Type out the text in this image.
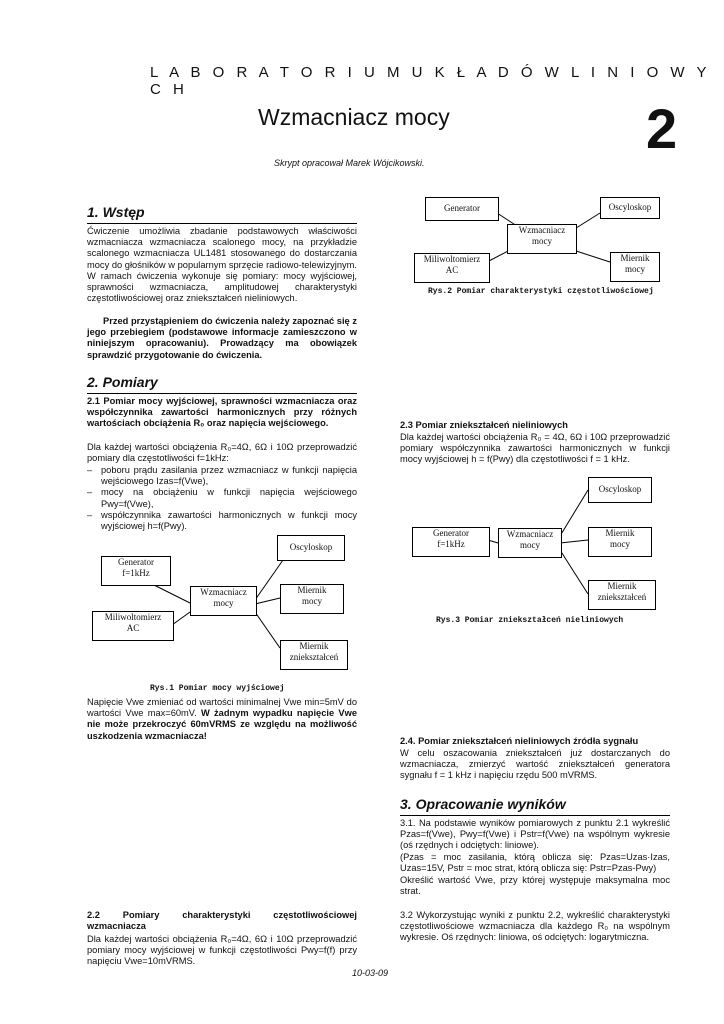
L A B O R A T O R I U M U K Ł A D Ó W L I N I O W Y C H
Wzmacniacz mocy	2
Skrypt opracował Marek Wójcikowski.
1. Wstęp
Ćwiczenie umożliwia zbadanie podstawowych właściwości wzmacniacza wzmacniacza scalonego mocy, na przykładzie scalonego wzmacniacza UL1481 stosowanego do dostarczania mocy do głośników w popularnym sprzęcie radiowo-telewizyjnym. W ramach ćwiczenia wykonuje się pomiary: mocy wyjściowej, sprawności wzmacniacza, amplitudowej charakterystyki częstotliwościowej oraz zniekształceń nieliniowych.
Przed przystąpieniem do ćwiczenia należy zapoznać się z jego przebiegiem (podstawowe informacje zamieszczono w niniejszym opracowaniu). Prowadzący ma obowiązek sprawdzić przygotowanie do ćwiczenia.
2. Pomiary
2.1 Pomiar mocy wyjściowej, sprawności wzmacniacza oraz współczynnika zawartości harmonicznych przy różnych wartościach obciążenia R₀ oraz napięcia wejściowego.
Dla każdej wartości obciążenia R₀=4Ω, 6Ω i 10Ω przeprowadzić pomiary dla częstotliwości f=1kHz:
– poboru prądu zasilania przez wzmacniacz w funkcji napięcia wejściowego Izas=f(Vwe),
– mocy na obciążeniu w funkcji napięcia wejściowego Pwy=f(Vwe),
– współczynnika zawartości harmonicznych w funkcji mocy wyjściowej h=f(Pwy).
Generator
f=1kHz
Miliwoltomierz
AC
Wzmacniacz
mocy
Oscyloskop
Miernik
mocy
Miernik
zniekształceń
Rys.1 Pomiar mocy wyjściowej
Napięcie Vwe zmieniać od wartości minimalnej Vwe min=5mV do wartości Vwe max=60mV. W żadnym wypadku napięcie Vwe nie może przekroczyć 60mVRMS ze względu na możliwość uszkodzenia wzmacniacza!
2.2 Pomiary charakterystyki częstotliwościowej wzmacniacza
Dla każdej wartości obciążenia R₀=4Ω, 6Ω i 10Ω przeprowadzić pomiary mocy wyjściowej w funkcji częstotliwości Pwy=f(f) przy napięciu Vwe=10mVRMS.
Generator
Wzmacniacz
mocy
Oscyloskop
Miliwoltomierz
AC
Miernik
mocy
Rys.2 Pomiar charakterystyki częstotliwościowej
2.3 Pomiar zniekształceń nieliniowych
Dla każdej wartości obciążenia R₀ = 4Ω, 6Ω i 10Ω przeprowadzić pomiary współczynnika zawartości harmonicznych w funkcji mocy wyjściowej h = f(Pwy) dla częstotliwości f = 1 kHz.
Generator
f=1kHz
Wzmacniacz
mocy
Oscyloskop
Miernik
mocy
Miernik
zniekształceń
Rys.3 Pomiar zniekształceń nieliniowych
2.4. Pomiar zniekształceń nieliniowych źródła sygnału
W celu oszacowania zniekształceń już dostarczanych do wzmacniacza, zmierzyć wartość zniekształceń generatora sygnału f = 1 kHz i napięciu rzędu 500 mVRMS.
3. Opracowanie wyników
3.1. Na podstawie wyników pomiarowych z punktu 2.1 wykreślić Pzas=f(Vwe), Pwy=f(Vwe) i Pstr=f(Vwe) na wspólnym wykresie (oś rzędnych i odciętych: liniowe).
(Pzas = moc zasilania, którą oblicza się: Pzas=Uzas·Izas, Uzas=15V, Pstr = moc strat, którą oblicza się: Pstr=Pzas-Pwy)
Określić wartość Vwe, przy której występuje maksymalna moc strat.
3.2 Wykorzystując wyniki z punktu 2.2, wykreślić charakterystyki częstotliwościowe wzmacniacza dla każdego R₀ na wspólnym wykresie. Oś rzędnych: liniowa, oś odciętych: logarytmiczna.
10-03-09
